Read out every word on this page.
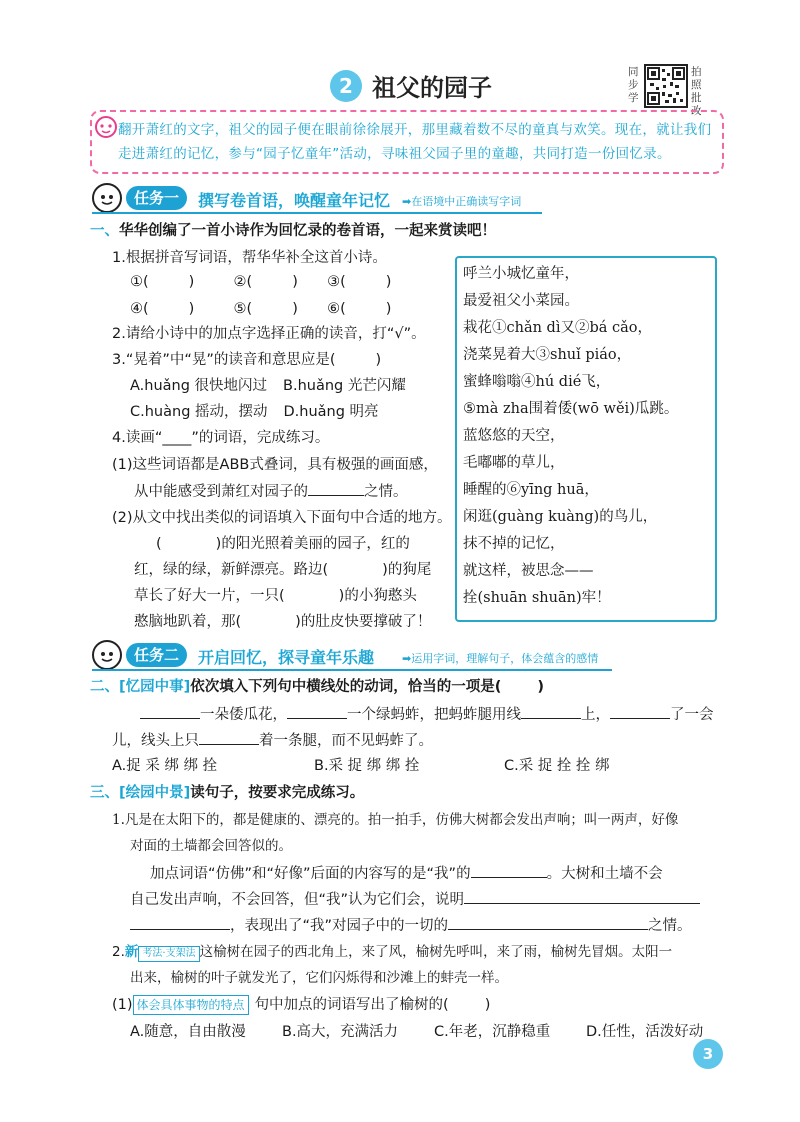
2 祖父的园子
同步学
拍照批改
翻开萧红的文字，祖父的园子便在眼前徐徐展开，那里藏着数不尽的童真与欢笑。现在，就让我们走进萧红的记忆，参与“园子忆童年”活动，寻味祖父园子里的童趣，共同打造一份回忆录。
任务一	撰写卷首语，唤醒童年记忆 ➡在语境中正确读写字词
一、华华创编了一首小诗作为回忆录的卷首语，一起来赏读吧！
1.根据拼音写词语，帮华华补全这首小诗。
①(	)	②(	) ③(	)
④(	)	⑤(	) ⑥(	)
2.请给小诗中的加点字选择正确的读音，打“√”。
3.“晃着”中“晃”的读音和意思应是(	)
A.huǎng 很快地闪过 B.huǎng 光芒闪耀
C.huàng 摇动，摆动 D.huǎng 明亮
4.读画“____”的词语，完成练习。
(1)这些词语都是ABB式叠词，具有极强的画面感，
从中能感受到萧红对园子的	之情。
(2)从文中找出类似的词语填入下面句中合适的地方。
(	)的阳光照着美丽的园子，红的
红，绿的绿，新鲜漂亮。路边(	)的狗尾
草长了好大一片，一只(	)的小狗憨头
憨脑地趴着，那(	)的肚皮快要撑破了！
呼兰小城忆童年，
最爱祖父小菜园。
栽花①chǎn dì又②bá cǎo，
浇菜晃着大③shuǐ piáo，
蜜蜂嗡嗡④hú dié飞，
⑤mà zha围着倭(wō wěi)瓜跳。
蓝悠悠的天空，
毛嘟嘟的草儿，
睡醒的⑥yīng huā，
闲逛(guàng kuàng)的鸟儿，
抹不掉的记忆，
就这样，被思念——
拴(shuān shuān)牢！
任务二	开启回忆，探寻童年乐趣	➡运用字词，理解句子，体会蕴含的感情
二、[忆园中事]依次填入下列句中横线处的动词，恰当的一项是( )
一朵倭瓜花，	一个绿蚂蚱，把蚂蚱腿用线	上，	了一会
儿，线头上只	着一条腿，而不见蚂蚱了。
A.捉 采 绑 绑 拴	B.采 捉 绑 绑 拴	C.采 捉 拴 拴 绑
三、[绘园中景]读句子，按要求完成练习。
1.凡是在太阳下的，都是健康的、漂亮的。拍一拍手，仿佛大树都会发出声响；叫一两声，好像
对面的土墙都会回答似的。
加点词语“仿佛”和“好像”后面的内容写的是“我”的	。大树和土墙不会
自己发出声响，不会回答，但“我”认为它们会，说明
，表现出了“我”对园子中的一切的	之情。
2.新 考法·支架法 这榆树在园子的西北角上，来了风，榆树先呼叫，来了雨，榆树先冒烟。太阳一
出来，榆树的叶子就发光了，它们闪烁得和沙滩上的蚌壳一样。
(1) 体会具体事物的特点 句中加点的词语写出了榆树的( )
A.随意，自由散漫 B.高大，充满活力 C.年老，沉静稳重 D.任性，活泼好动
3
